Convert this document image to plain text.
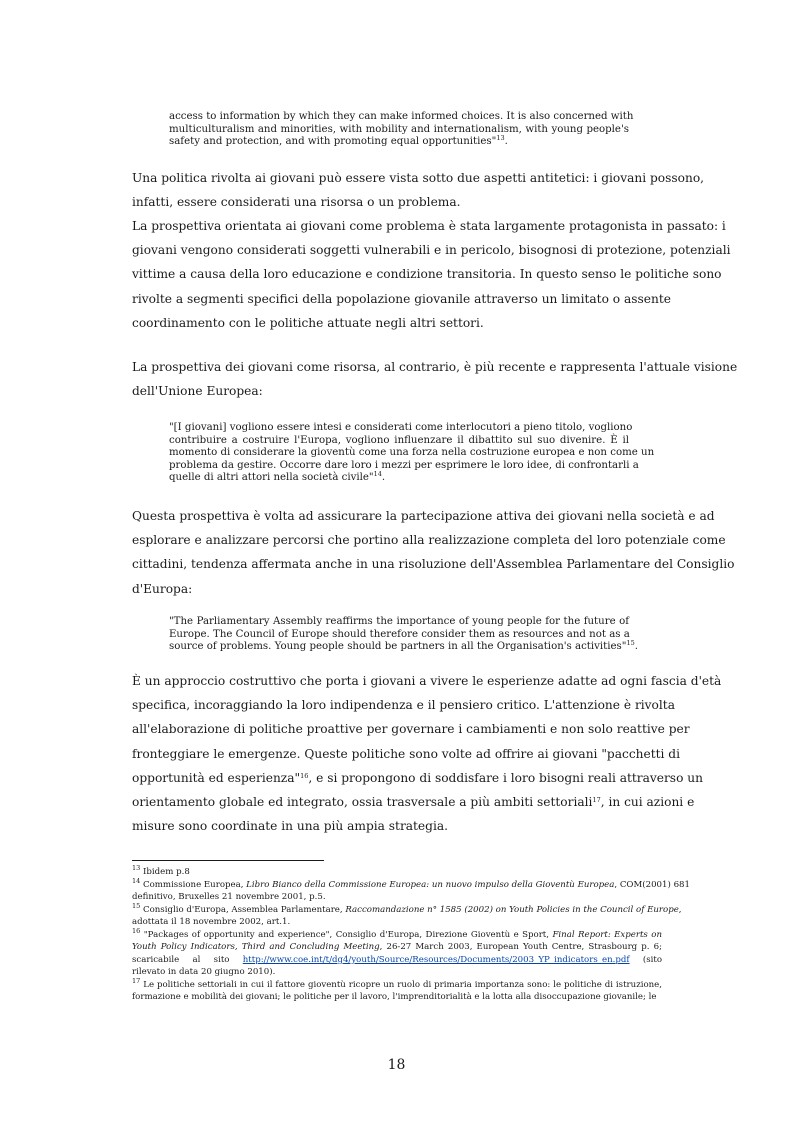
access to information by which they can make informed choices. It is also concerned with
multiculturalism and minorities, with mobility and internationalism, with young people's
safety and protection, and with promoting equal opportunities"$^{13}$.
Una politica rivolta ai giovani può essere vista sotto due aspetti antitetici: i giovani possono,
infatti, essere considerati una risorsa o un problema.
La prospettiva orientata ai giovani come problema è stata largamente protagonista in passato: i
giovani vengono considerati soggetti vulnerabili e in pericolo, bisognosi di protezione, potenziali
vittime a causa della loro educazione e condizione transitoria. In questo senso le politiche sono
rivolte a segmenti specifici della popolazione giovanile attraverso un limitato o assente
coordinamento con le politiche attuate negli altri settori.
La prospettiva dei giovani come risorsa, al contrario, è più recente e rappresenta l'attuale visione
dell'Unione Europea:
"[I giovani] vogliono essere intesi e considerati come interlocutori a pieno titolo, vogliono
contribuire a costruire l'Europa, vogliono influenzare il dibattito sul suo divenire. È il
momento di considerare la gioventù come una forza nella costruzione europea e non come un
problema da gestire. Occorre dare loro i mezzi per esprimere le loro idee, di confrontarli a
quelle di altri attori nella società civile"$^{14}$.
Questa prospettiva è volta ad assicurare la partecipazione attiva dei giovani nella società e ad
esplorare e analizzare percorsi che portino alla realizzazione completa del loro potenziale come
cittadini, tendenza affermata anche in una risoluzione dell'Assemblea Parlamentare del Consiglio
d'Europa:
"The Parliamentary Assembly reaffirms the importance of young people for the future of
Europe. The Council of Europe should therefore consider them as resources and not as a
source of problems. Young people should be partners in all the Organisation's activities"$^{15}$.
È un approccio costruttivo che porta i giovani a vivere le esperienze adatte ad ogni fascia d'età
specifica, incoraggiando la loro indipendenza e il pensiero critico. L'attenzione è rivolta
all'elaborazione di politiche proattive per governare i cambiamenti e non solo reattive per
fronteggiare le emergenze. Queste politiche sono volte ad offrire ai giovani "pacchetti di
opportunità ed esperienza"$^{16}$, e si propongono di soddisfare i loro bisogni reali attraverso un
orientamento globale ed integrato, ossia trasversale a più ambiti settoriali$^{17}$, in cui azioni e
misure sono coordinate in una più ampia strategia.
$^{13}$ Ibidem p.8
$^{14}$ Commissione Europea, Libro Bianco della Commissione Europea: un nuovo impulso della Gioventù Europea, COM(2001) 681
definitivo, Bruxelles 21 novembre 2001, p.5.
$^{15}$ Consiglio d'Europa, Assemblea Parlamentare, Raccomandazione n° 1585 (2002) on Youth Policies in the Council of Europe,
adottata il 18 novembre 2002, art.1.
$^{16}$ "Packages of opportunity and experience", Consiglio d'Europa, Direzione Gioventù e Sport, Final Report: Experts on
Youth Policy Indicators, Third and Concluding Meeting, 26-27 March 2003, European Youth Centre, Strasbourg p. 6;
scaricabile al sito http://www.coe.int/t/dg4/youth/Source/Resources/Documents/2003_YP_indicators_en.pdf (sito
rilevato in data 20 giugno 2010).
$^{17}$ Le politiche settoriali in cui il fattore gioventù ricopre un ruolo di primaria importanza sono: le politiche di istruzione,
formazione e mobilità dei giovani; le politiche per il lavoro, l'imprenditorialità e la lotta alla disoccupazione giovanile; le
18
